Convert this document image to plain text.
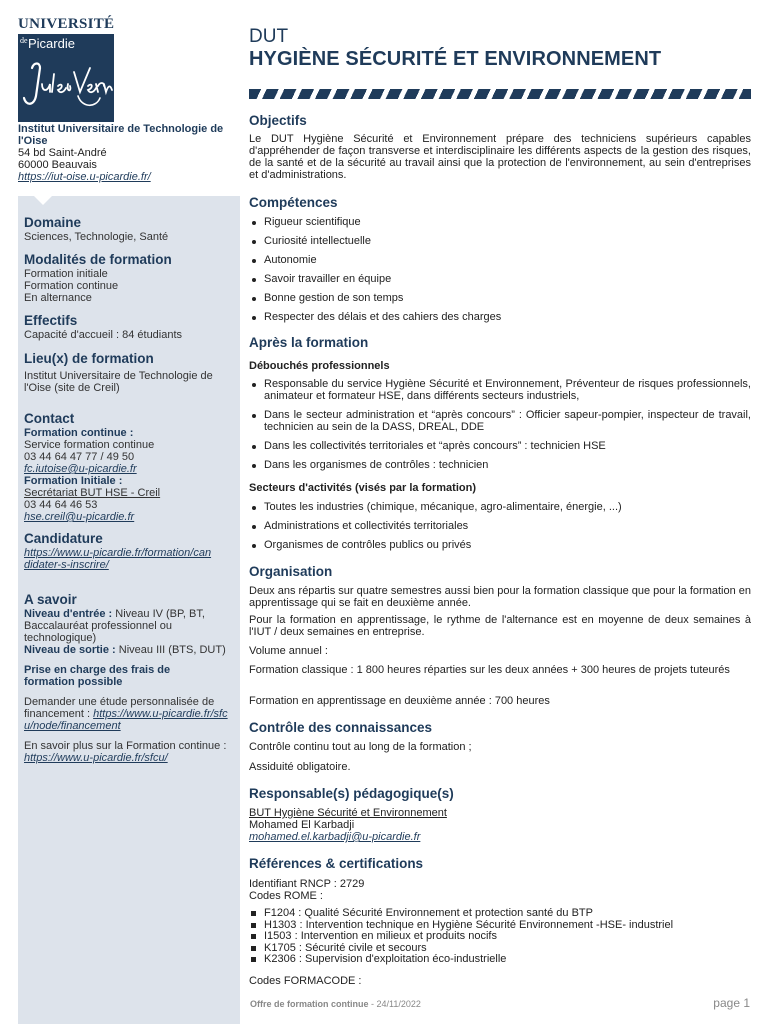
UNIVERSITÉ
de Picardie
Institut Universitaire de Technologie de l'Oise
54 bd Saint-André
60000 Beauvais
https://iut-oise.u-picardie.fr/
Domaine
Sciences, Technologie, Santé
Modalités de formation
Formation initiale
Formation continue
En alternance
Effectifs
Capacité d'accueil : 84 étudiants
Lieu(x) de formation
Institut Universitaire de Technologie de l'Oise (site de Creil)
Contact
Formation continue :
Service formation continue
03 44 64 47 77 / 49 50
fc.iutoise@u-picardie.fr
Formation Initiale :
Secrétariat BUT HSE - Creil
03 44 64 46 53
hse.creil@u-picardie.fr
Candidature
https://www.u-picardie.fr/formation/candidater-s-inscrire/
A savoir
Niveau d'entrée : Niveau IV (BP, BT, Baccalauréat professionnel ou technologique)
Niveau de sortie : Niveau III (BTS, DUT)
Prise en charge des frais de formation possible
Demander une étude personnalisée de financement : https://www.u-picardie.fr/sfcu/node/financement
En savoir plus sur la Formation continue : https://www.u-picardie.fr/sfcu/
DUT
HYGIÈNE SÉCURITÉ ET ENVIRONNEMENT
Objectifs

Le DUT Hygiène Sécurité et Environnement prépare des techniciens supérieurs capables d'appréhender de façon transverse et interdisciplinaire les différents aspects de la gestion des risques, de la santé et de la sécurité au travail ainsi que la protection de l'environnement, au sein d'entreprises et d'administrations.

Compétences
Rigueur scientifique
Curiosité intellectuelle
Autonomie
Savoir travailler en équipe
Bonne gestion de son temps
Respecter des délais et des cahiers des charges
Après la formation
Débouchés professionnels
Responsable du service Hygiène Sécurité et Environnement, Préventeur de risques professionnels, animateur et formateur HSE, dans différents secteurs industriels,
Dans le secteur administration et “après concours” : Officier sapeur-pompier, inspecteur de travail, technicien au sein de la DASS, DREAL, DDE
Dans les collectivités territoriales et “après concours” : technicien HSE
Dans les organismes de contrôles : technicien
Secteurs d'activités (visés par la formation)
Toutes les industries (chimique, mécanique, agro-alimentaire, énergie, ...)
Administrations et collectivités territoriales
Organismes de contrôles publics ou privés
Organisation

Deux ans répartis sur quatre semestres aussi bien pour la formation classique que pour la formation en apprentissage qui se fait en deuxième année.

Pour la formation en apprentissage, le rythme de l'alternance est en moyenne de deux semaines à l'IUT / deux semaines en entreprise.

Volume annuel :

Formation classique : 1 800 heures réparties sur les deux années + 300 heures de projets tuteurés

Formation en apprentissage en deuxième année : 700 heures

Contrôle des connaissances

Contrôle continu tout au long de la formation ;

Assiduité obligatoire.

Responsable(s) pédagogique(s)

BUT Hygiène Sécurité et Environnement

Mohamed El Karbadji

mohamed.el.karbadji@u-picardie.fr
Références & certifications

Identifiant RNCP : 2729

Codes ROME :

F1204 : Qualité Sécurité Environnement et protection santé du BTP
H1303 : Intervention technique en Hygiène Sécurité Environnement -HSE- industriel
I1503 : Intervention en milieux et produits nocifs
K1705 : Sécurité civile et secours
K2306 : Supervision d'exploitation éco-industrielle

Codes FORMACODE :

Offre de formation continue - 24/11/2022	page 1
